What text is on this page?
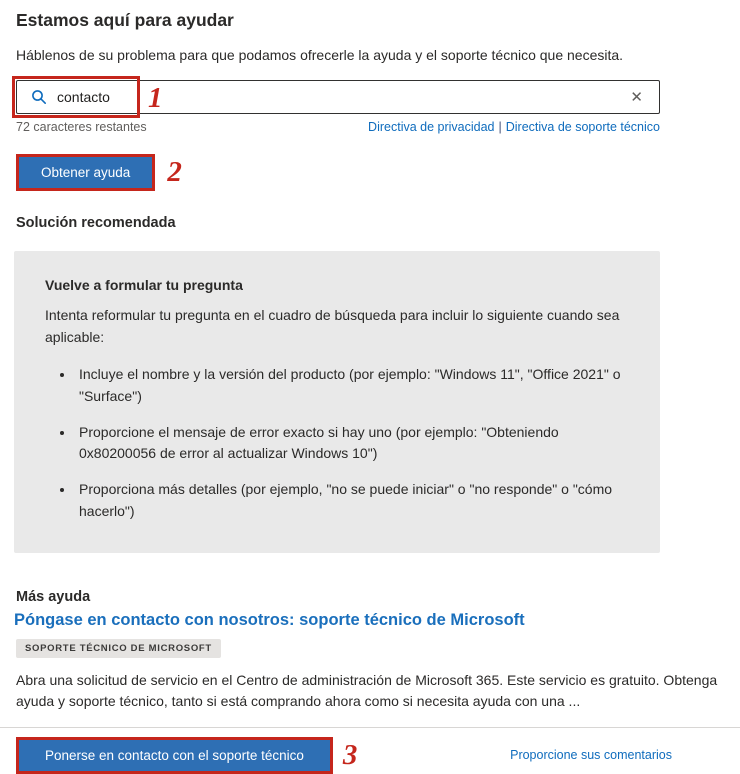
Estamos aquí para ayudar

Háblenos de su problema para que podamos ofrecerle la ayuda y el soporte técnico que necesita.

contacto
✕
1
72 caracteres restantes	Directiva de privacidad | Directiva de soporte técnico
Obtener ayuda	2
Solución recomendada
Vuelve a formular tu pregunta

Intenta reformular tu pregunta en el cuadro de búsqueda para incluir lo siguiente cuando sea aplicable:

• Incluye el nombre y la versión del producto (por ejemplo: "Windows 11", "Office 2021" o "Surface")
• Proporcione el mensaje de error exacto si hay uno (por ejemplo: "Obteniendo 0x80200056 de error al actualizar Windows 10")
• Proporciona más detalles (por ejemplo, "no se puede iniciar" o "no responde" o "cómo hacerlo")
Más ayuda
Póngase en contacto con nosotros: soporte técnico de Microsoft
SOPORTE TÉCNICO DE MICROSOFT

Abra una solicitud de servicio en el Centro de administración de Microsoft 365. Este servicio es gratuito. Obtenga ayuda y soporte técnico, tanto si está comprando ahora como si necesita ayuda con una ...

Ponerse en contacto con el soporte técnico	3	Proporcione sus comentarios
